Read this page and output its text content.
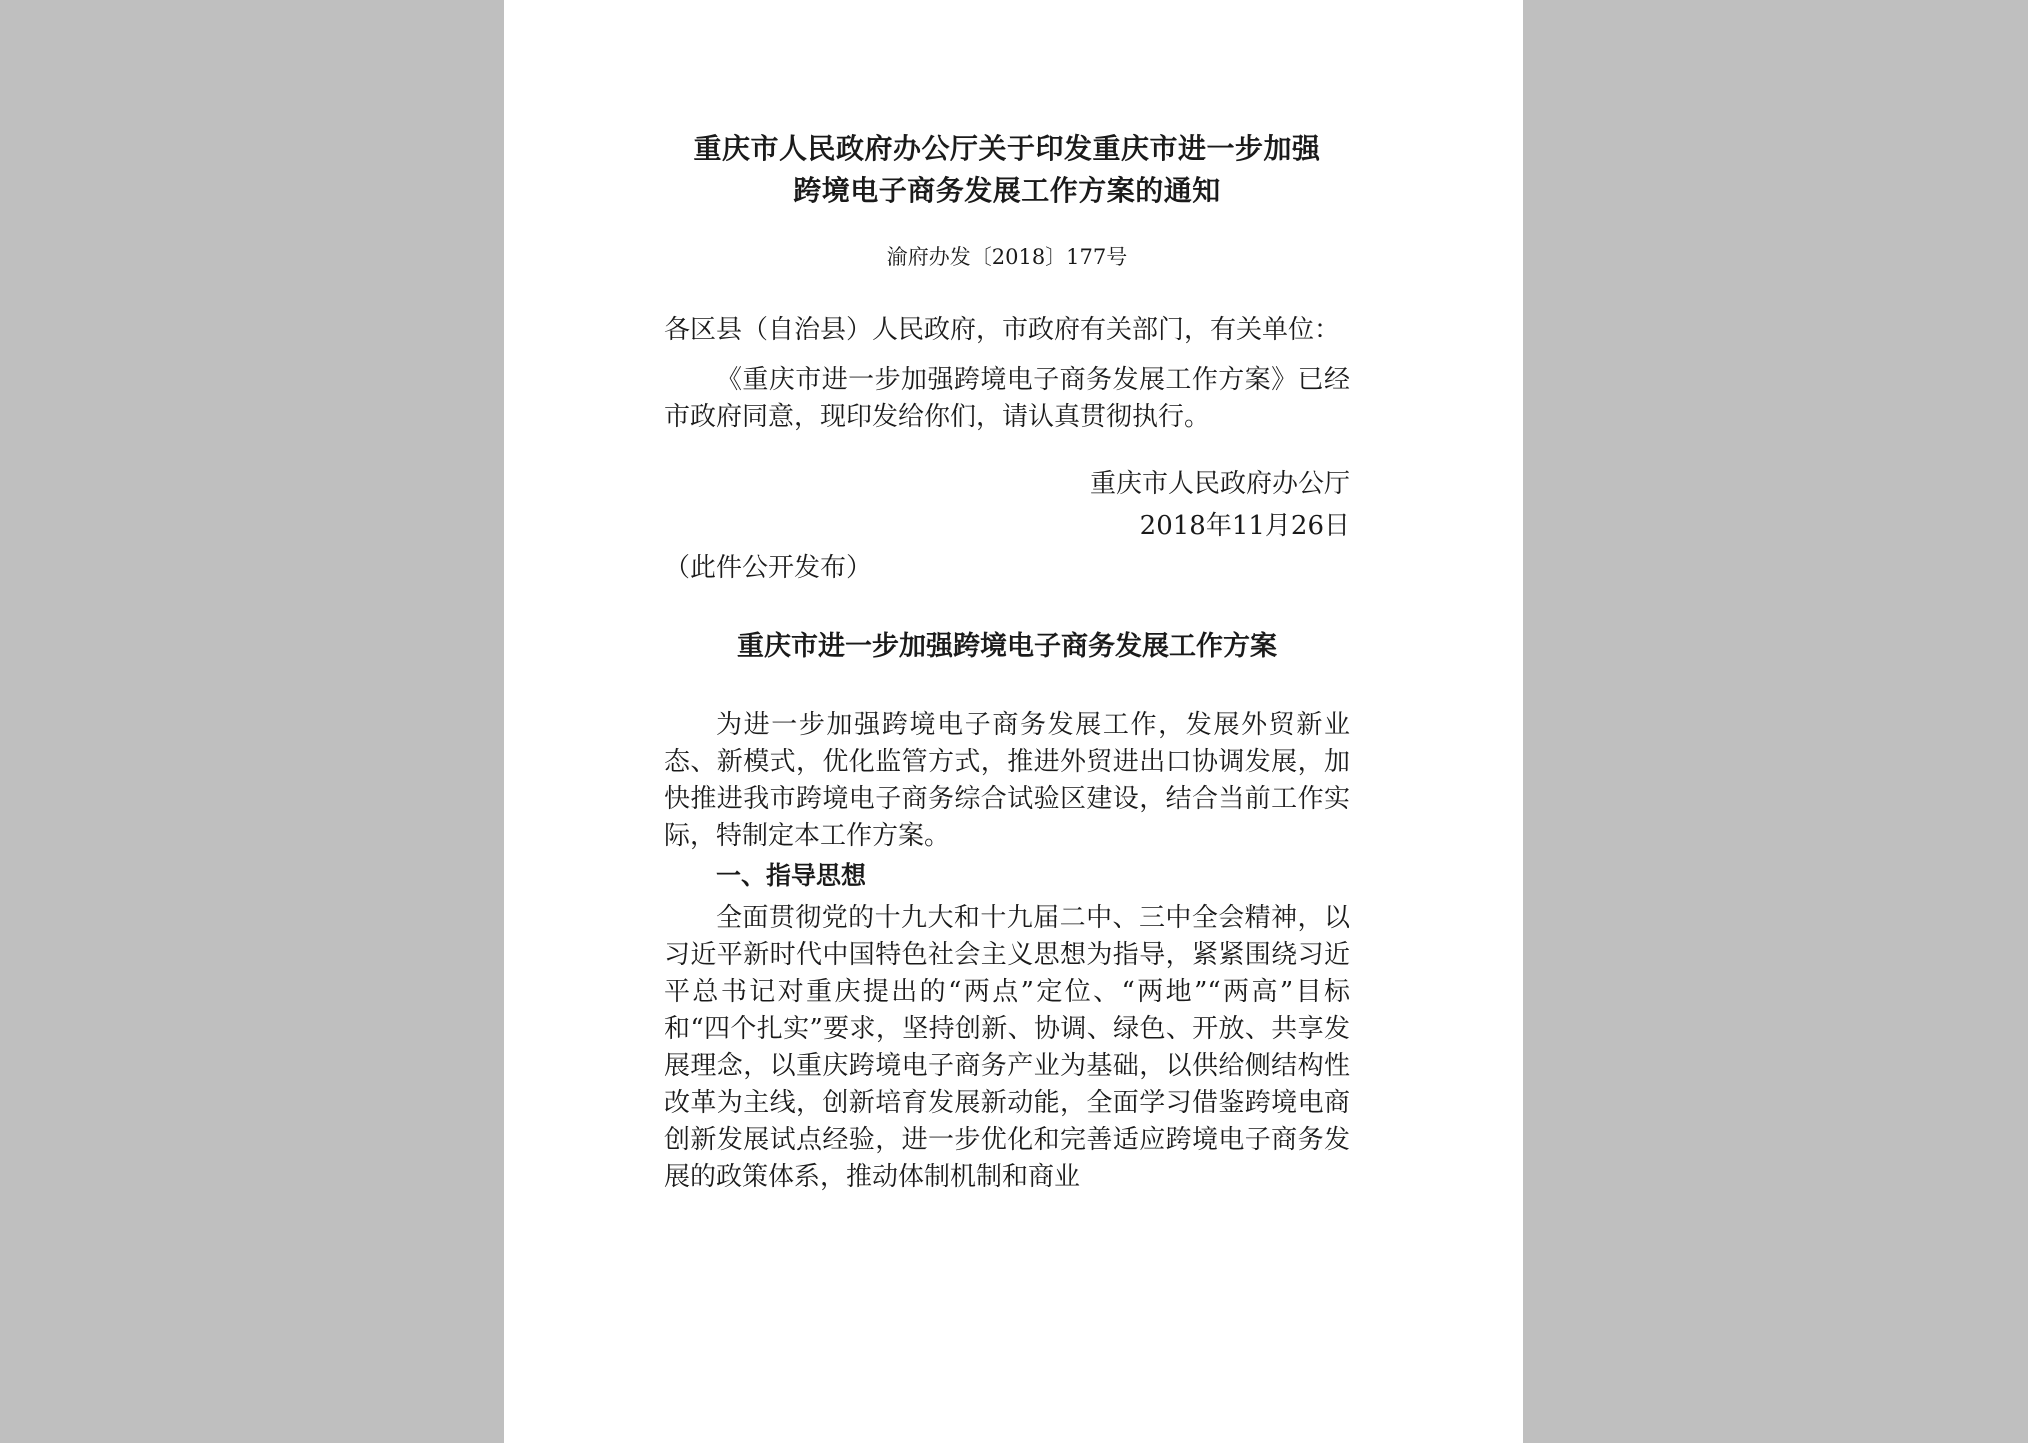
重庆市人民政府办公厅关于印发重庆市进一步加强
跨境电子商务发展工作方案的通知
渝府办发〔2018〕177号

各区县（自治县）人民政府，市政府有关部门，有关单位：

《重庆市进一步加强跨境电子商务发展工作方案》已经市政府同意，现印发给你们，请认真贯彻执行。

重庆市人民政府办公厅

2018年11月26日

（此件公开发布）

重庆市进一步加强跨境电子商务发展工作方案

为进一步加强跨境电子商务发展工作，发展外贸新业态、新模式，优化监管方式，推进外贸进出口协调发展，加快推进我市跨境电子商务综合试验区建设，结合当前工作实际，特制定本工作方案。

一、指导思想

全面贯彻党的十九大和十九届二中、三中全会精神，以习近平新时代中国特色社会主义思想为指导，紧紧围绕习近平总书记对重庆提出的“两点”定位、“两地”“两高”目标和“四个扎实”要求，坚持创新、协调、绿色、开放、共享发展理念，以重庆跨境电子商务产业为基础，以供给侧结构性改革为主线，创新培育发展新动能，全面学习借鉴跨境电商创新发展试点经验，进一步优化和完善适应跨境电子商务发展的政策体系，推动体制机制和商业
